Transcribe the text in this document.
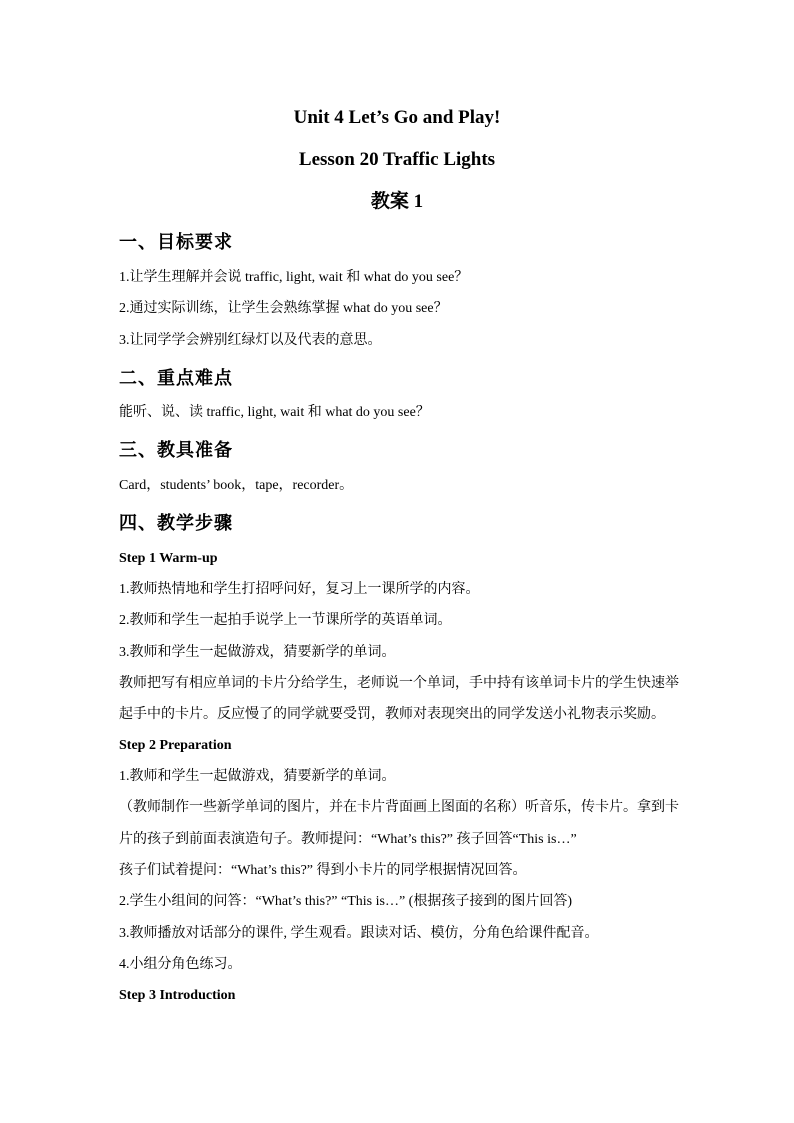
Unit 4 Let’s Go and Play!
Lesson 20 Traffic Lights
教案 1
一、目标要求
1.让学生理解并会说 traffic, light, wait 和 what do you see？
2.通过实际训练，让学生会熟练掌握 what do you see？
3.让同学学会辨别红绿灯以及代表的意思。
二、重点难点
能听、说、读 traffic, light, wait 和 what do you see？
三、教具准备
Card，students’ book，tape，recorder。
四、教学步骤
Step 1 Warm-up
1.教师热情地和学生打招呼问好，复习上一课所学的内容。
2.教师和学生一起拍手说学上一节课所学的英语单词。
3.教师和学生一起做游戏，猜要新学的单词。
教师把写有相应单词的卡片分给学生，老师说一个单词，手中持有该单词卡片的学生快速举
起手中的卡片。反应慢了的同学就要受罚，教师对表现突出的同学发送小礼物表示奖励。
Step 2 Preparation
1.教师和学生一起做游戏，猜要新学的单词。
（教师制作一些新学单词的图片，并在卡片背面画上图面的名称）听音乐，传卡片。拿到卡
片的孩子到前面表演造句子。教师提问：“What’s this?” 孩子回答“This is…”
孩子们试着提问：“What’s this?” 得到小卡片的同学根据情况回答。
2.学生小组间的问答：“What’s this?” “This is…” (根据孩子接到的图片回答)
3.教师播放对话部分的课件, 学生观看。跟读对话、模仿，分角色给课件配音。
4.小组分角色练习。
Step 3 Introduction
